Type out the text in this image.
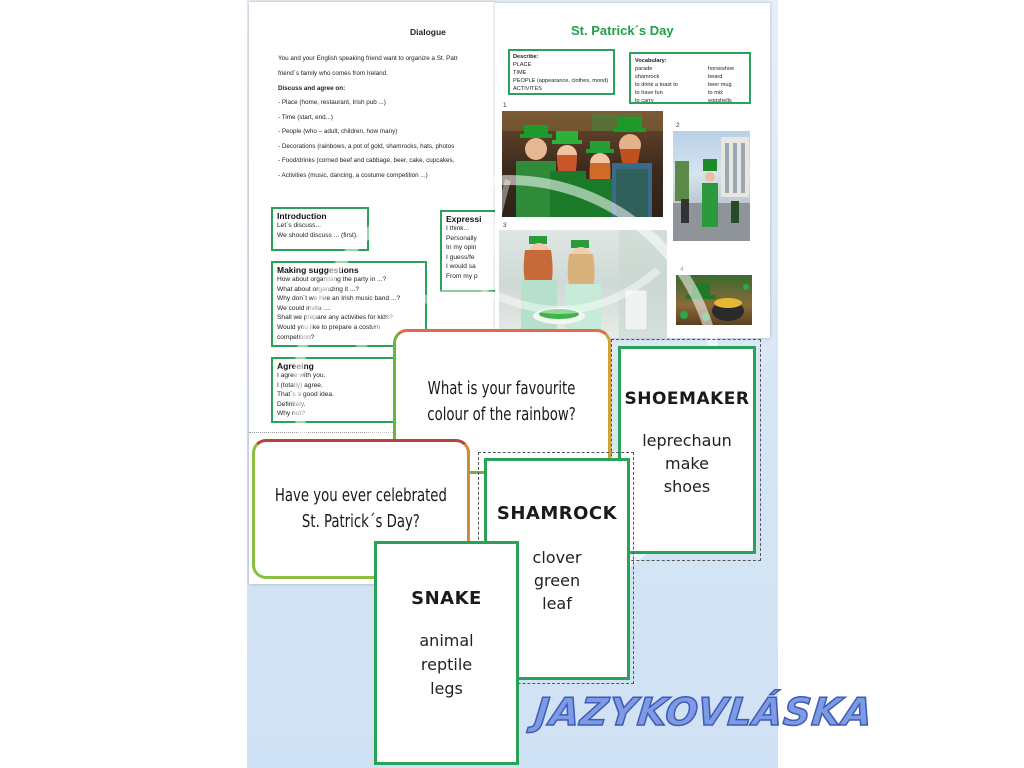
Dialogue

You and your English speaking friend want to organize a St. Patr

friend´s family who comes from Ireland.

Discuss and agree on:

- Place (home, restaurant, Irish pub ...)

- Time (start, end...)

- People (who – adult, children, how many)

- Decorations (rainbows, a pot of gold, shamrocks, hats, photos

- Food/drinks (corned beef and cabbage, beer, cake, cupcakes,

- Activities (music, dancing, a costume competition ...)

Introduction
Let´s discuss...
We should discuss ... (first).
Expressi
I think...
Personally
In my opin
I guess/fe
I would sa
From my p
Making suggestions
How about organising the party in ...?
What about organizing it ...?
Why don´t we hire an Irish music band ...?
We could invite ....
Shall we prepare any activities for kids?
Would you like to prepare a costum
competition?
Agreeing
I agree with you.
I (totally) agree.
That´s a good idea.
Definitely.
Why not?

St. Patrick´s Day

Describe:
PLACE
TIME
PEOPLE (appearance, clothes, mood)
ACTIVITES
Vocabulary:
parade
shamrock
to drink a toast to
to have fun
to carry
horseshoe
beard
beer mug
to mix
eggshells
1
2
3
4
What is your favourite
colour of the rainbow?
Have you ever celebrated
St. Patrick´s Day?
SHOEMAKER
leprechaun
make
shoes
SHAMROCK
clover
green
leaf
SNAKE
animal
reptile
legs
JAZYKOVLÁSKA
